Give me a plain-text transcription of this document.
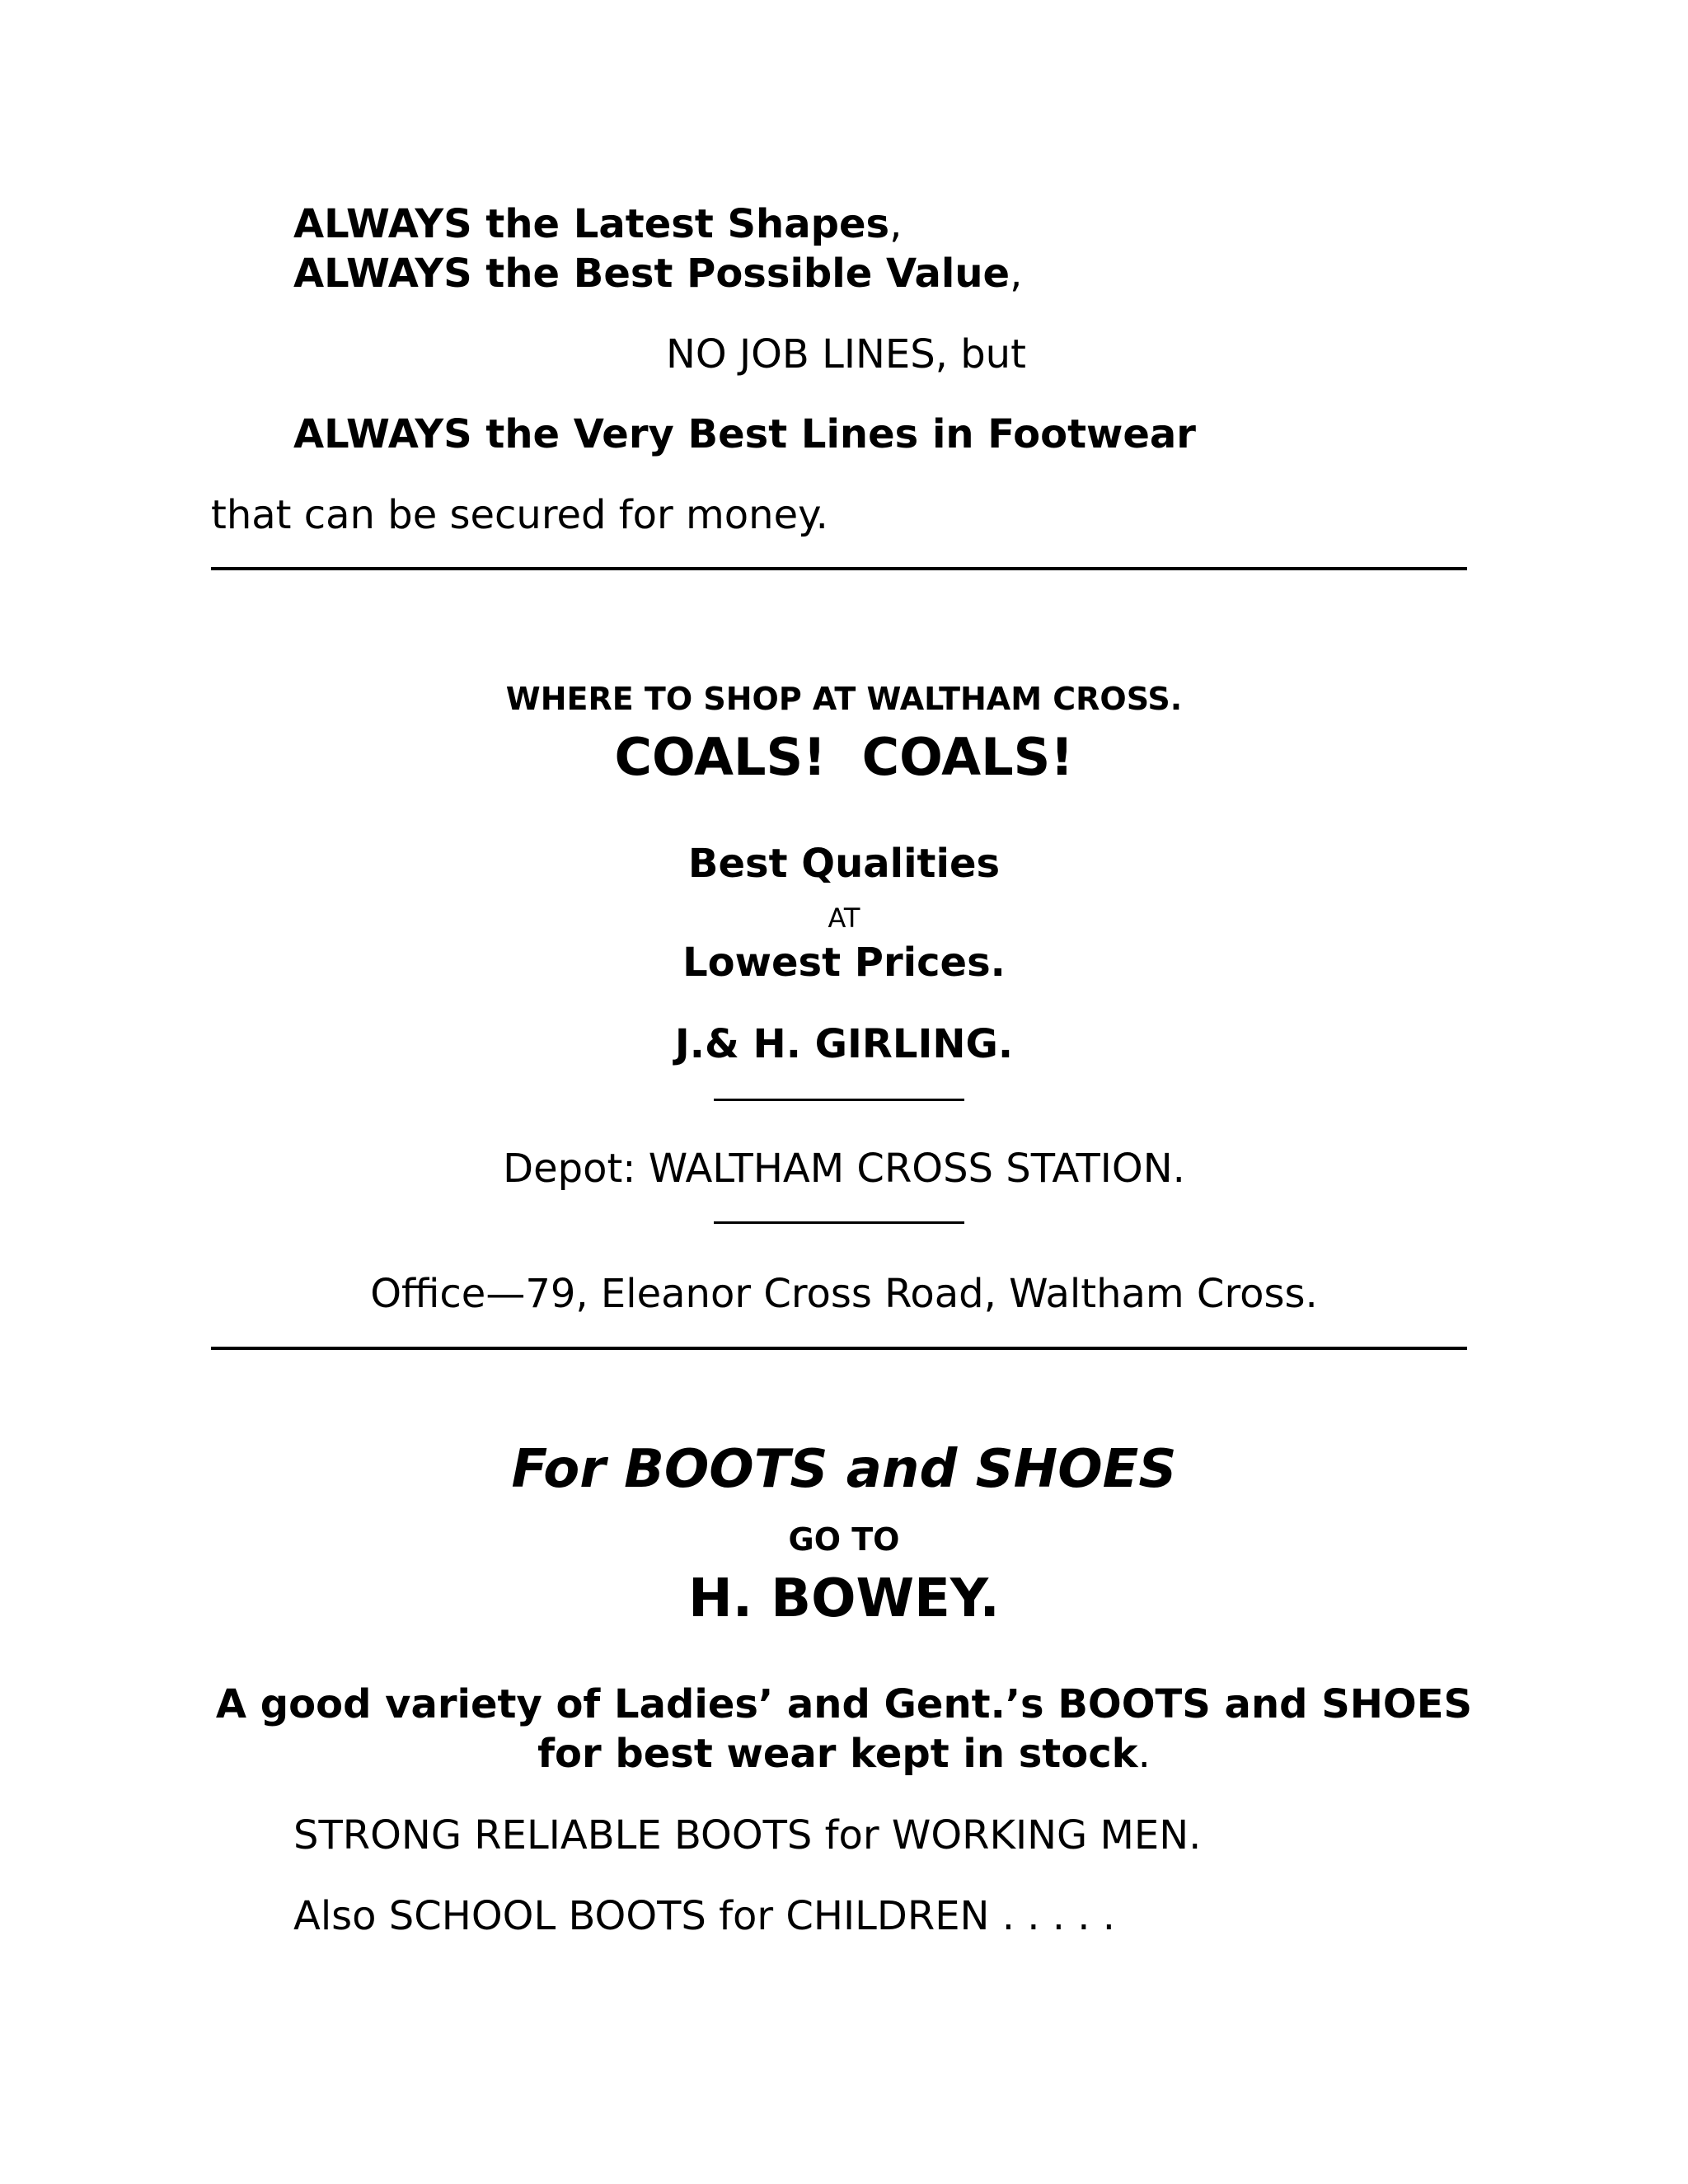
ALWAYS the Latest Shapes,
ALWAYS the Best Possible Value,
NO JOB LINES, but
ALWAYS the Very Best Lines in Footwear
that can be secured for money.
WHERE TO SHOP AT WALTHAM CROSS.
COALS!  COALS!
Best Qualities
AT
Lowest Prices.
J.& H. GIRLING.
Depot: WALTHAM CROSS STATION.
Office—79, Eleanor Cross Road, Waltham Cross.
For BOOTS and SHOES
GO TO
H. BOWEY.
A good variety of Ladies’ and Gent.’s BOOTS and SHOES
for best wear kept in stock.
STRONG RELIABLE BOOTS for WORKING MEN.
Also SCHOOL BOOTS for CHILDREN . . . . .
